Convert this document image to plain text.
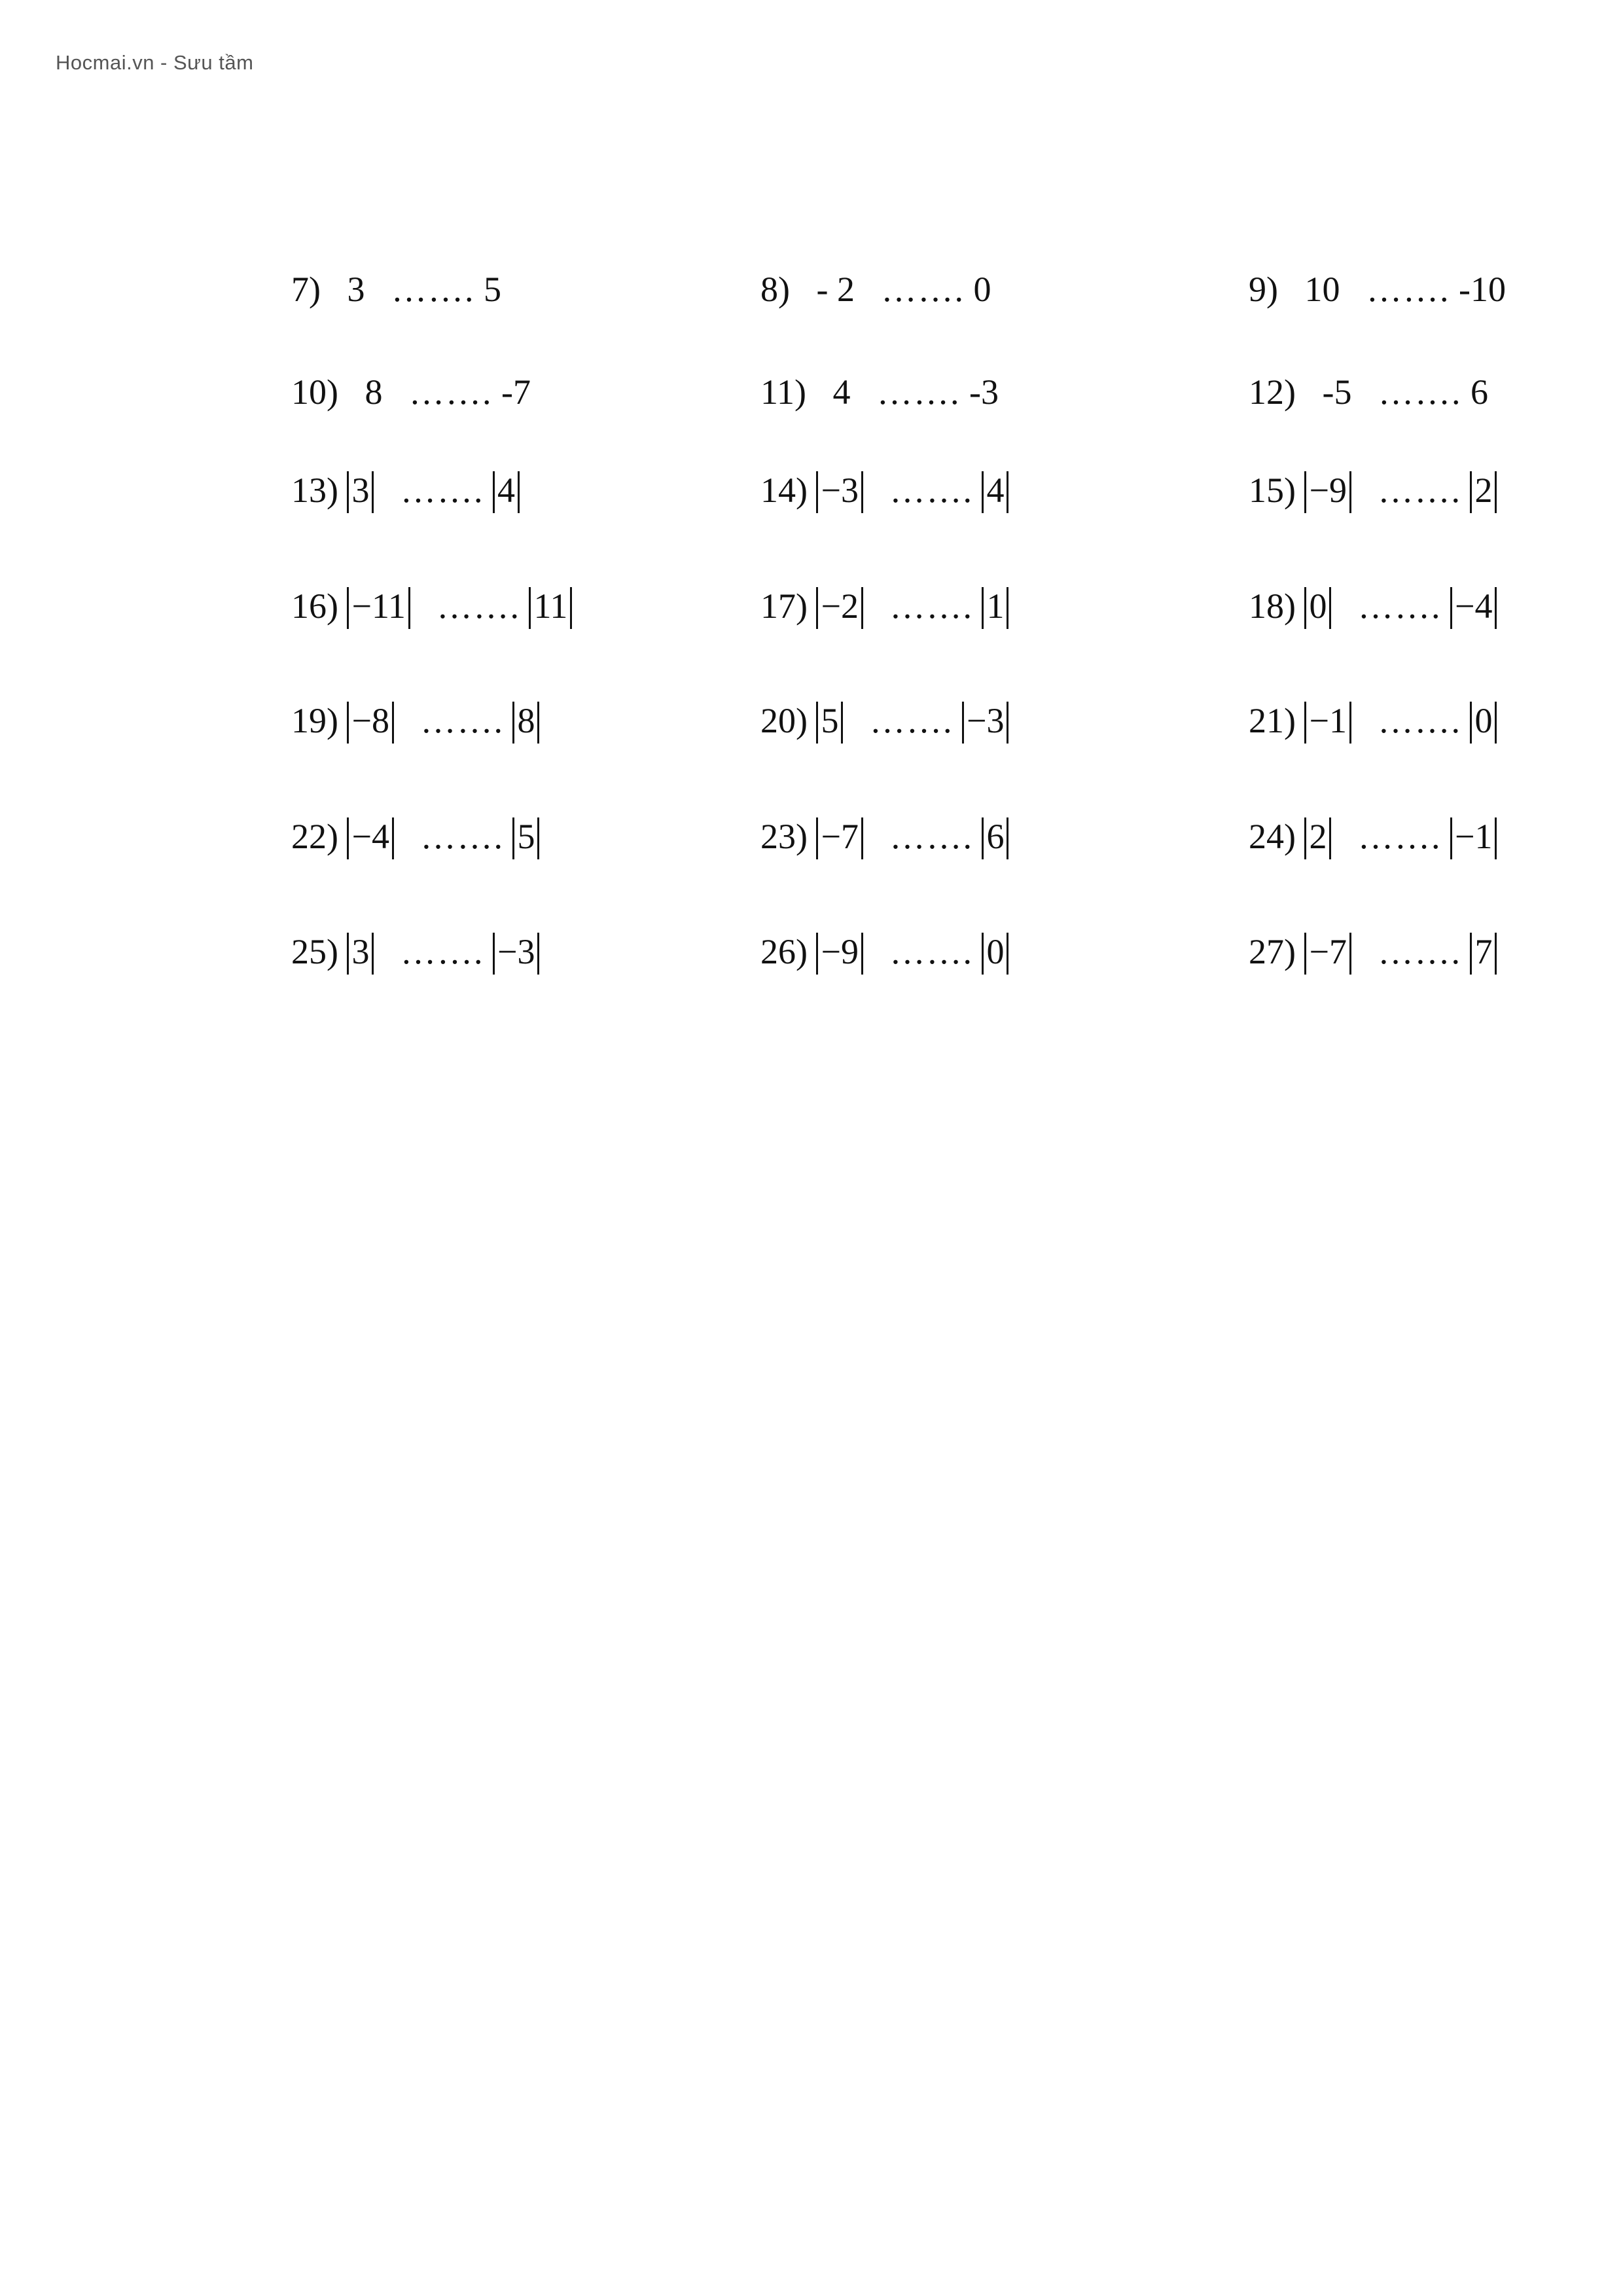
Hocmai.vn - Sưu tầm
7) 3 ……. 5	8) - 2 ……. 0	9) 10 ……. -10
10) 8 ……. -7	11) 4 ……. -3	12) -5 ……. 6
13) 3 ……. 4	14) −3 ……. 4	15) −9 ……. 2
16) −11 ……. 11	17) −2 ……. 1	18) 0 ……. −4
19) −8 ……. 8	20) 5 ……. −3	21) −1 ……. 0
22) −4 ……. 5	23) −7 ……. 6	24) 2 ……. −1
25) 3 ……. −3	26) −9 ……. 0	27) −7 ……. 7
